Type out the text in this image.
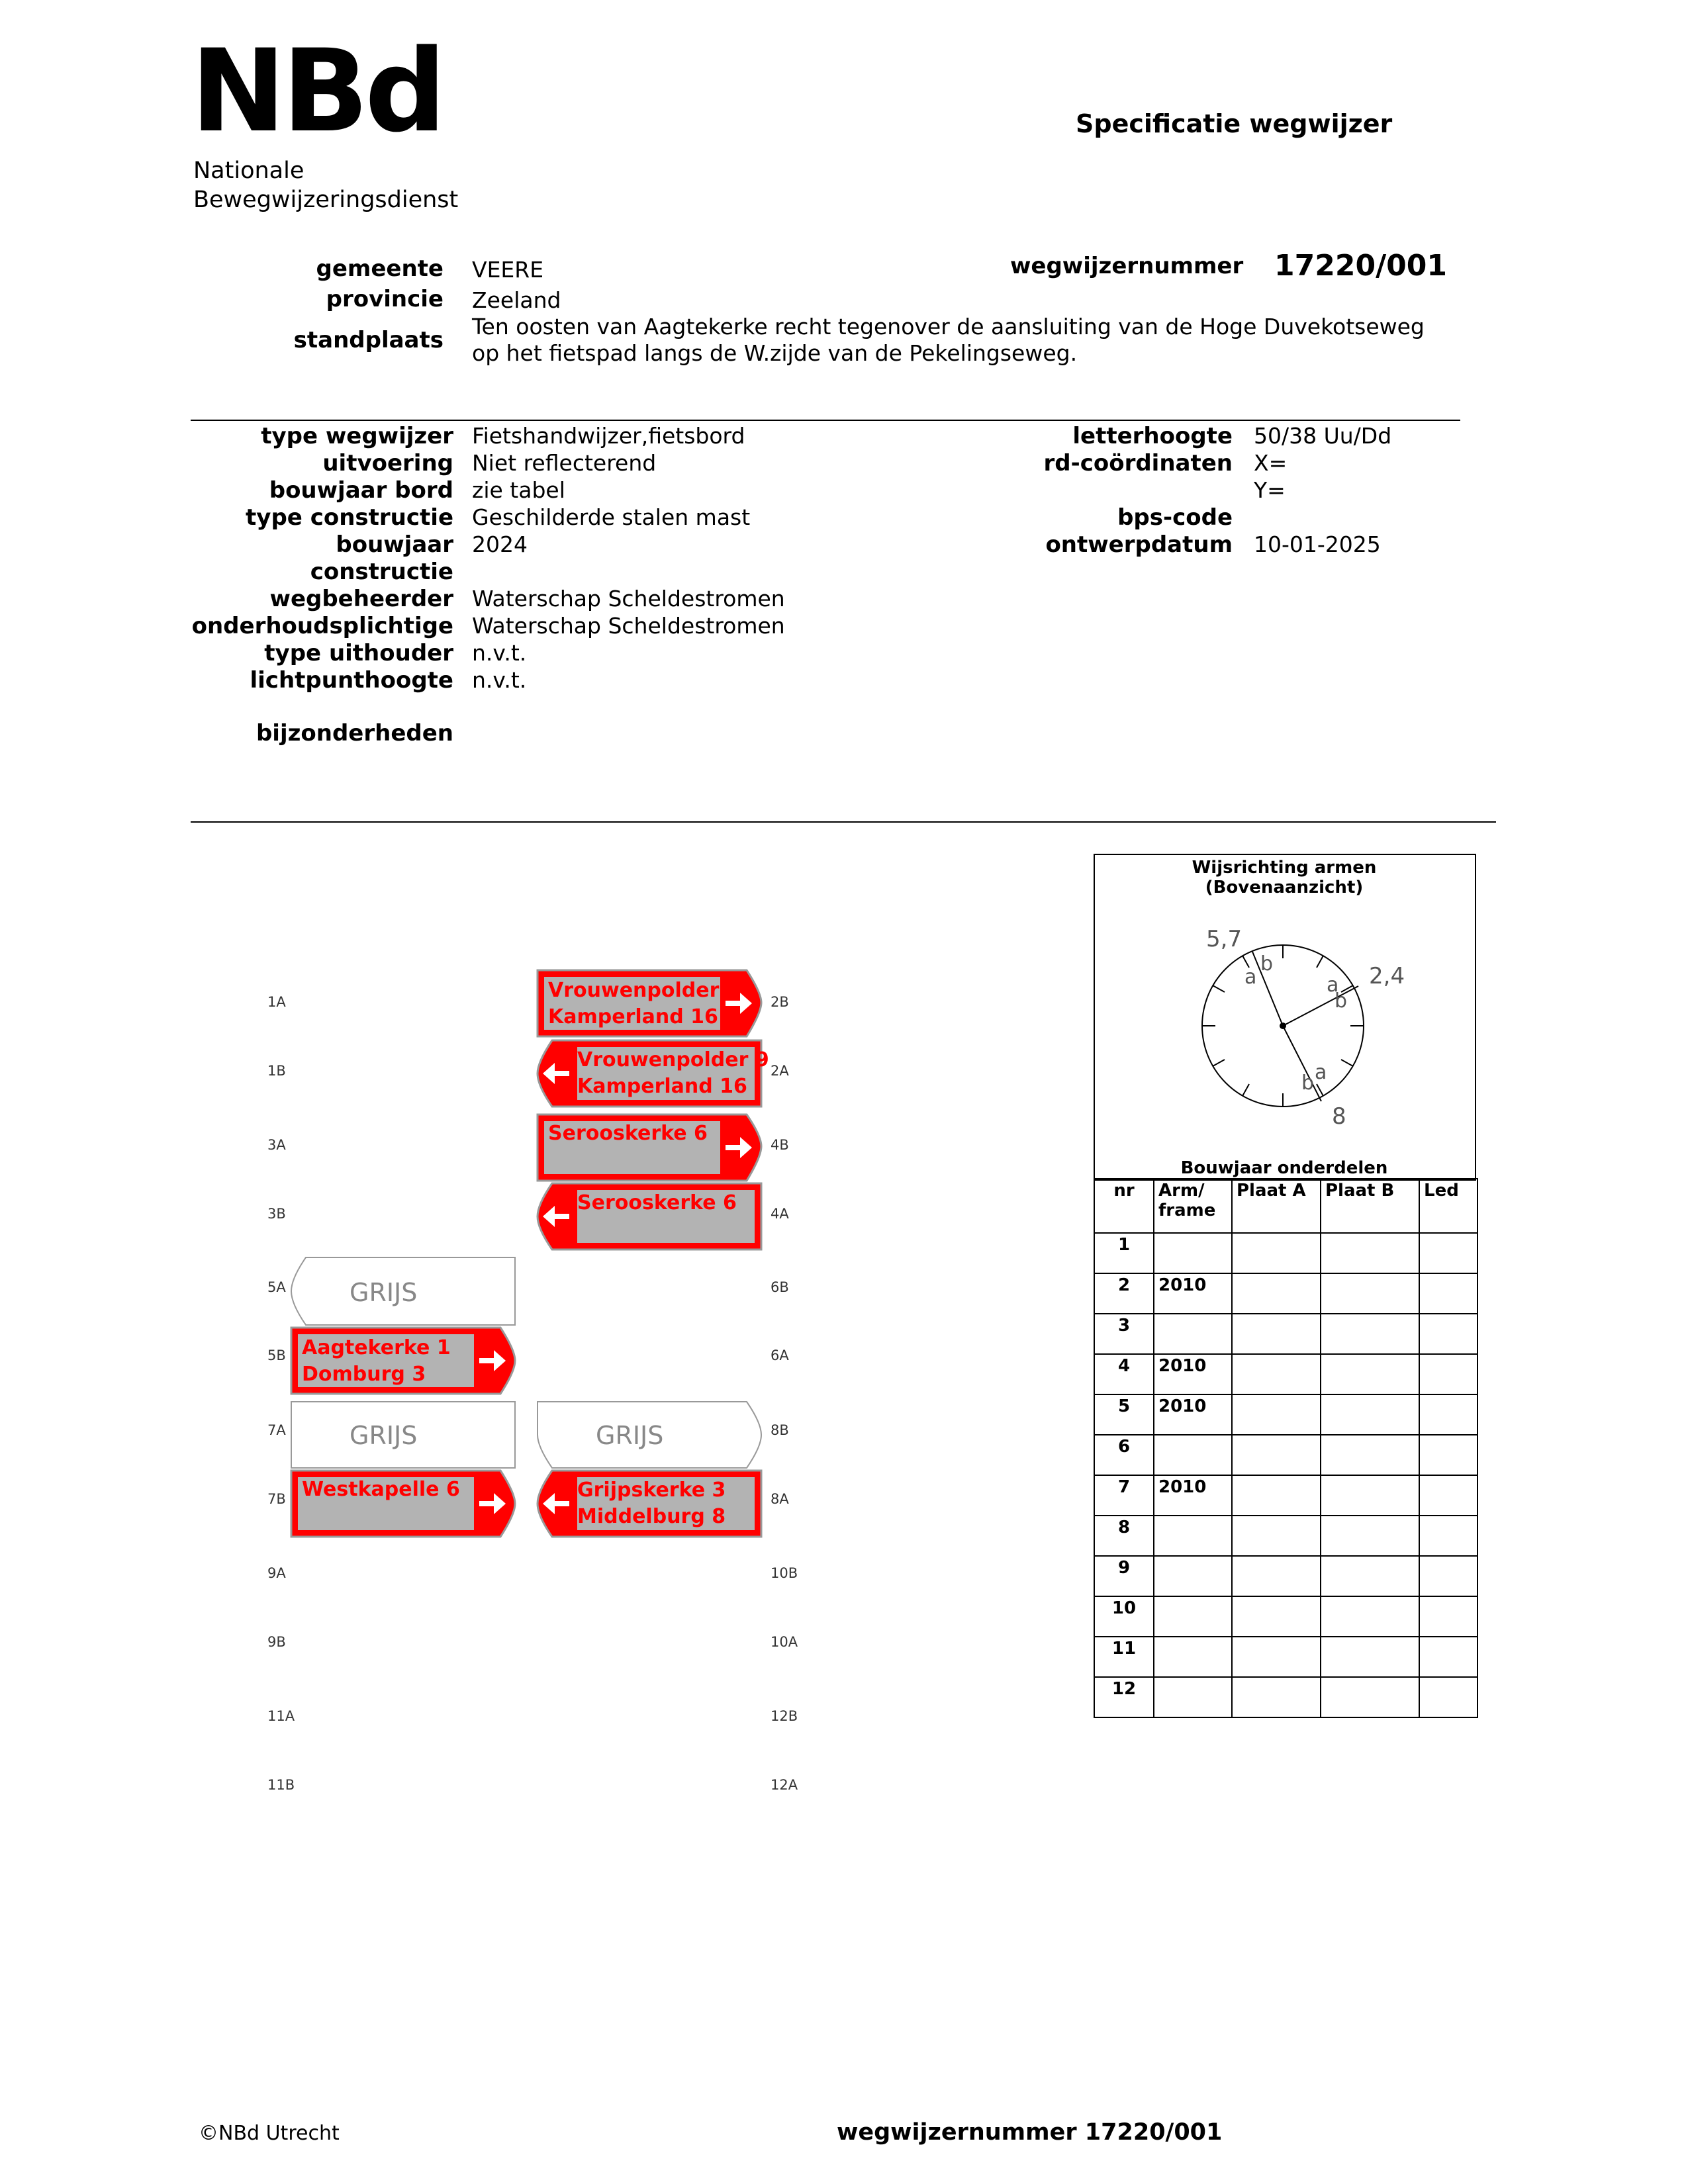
NBd
Nationale
Bewegwijzeringsdienst
Specificatie wegwijzer
gemeente VEERE
provincie Zeeland
standplaats
Ten oosten van Aagtekerke recht tegenover de aansluiting van de Hoge Duvekotseweg
op het fietspad langs de W.zijde van de Pekelingseweg.
wegwijzernummer 17220/001
type wegwijzer Fietshandwijzer,fietsbord
uitvoering Niet reflecterend
bouwjaar bord zie tabel
type constructie Geschilderde stalen mast
bouwjaar 2024
constructie
wegbeheerder Waterschap Scheldestromen
onderhoudsplichtige Waterschap Scheldestromen
type uithouder n.v.t.
lichtpunthoogte n.v.t.
bijzonderheden
letterhoogte 50/38 Uu/Dd
rd-coördinaten X=
Y=
bps-code
ontwerpdatum 10-01-2025
1A
1B
3A
3B
5A
5B
7A
7B
9A
9B
11A
11B
2B
2A
4B
4A
6B
6A
8B
8A
10B
10A
12B
12A
Vrouwenpolder 9
Kamperland 16
Vrouwenpolder 9
Kamperland 16
Serooskerke 6
Serooskerke 6
GRIJS
Aagtekerke 1
Domburg 3
GRIJS	GRIJS
Westkapelle 6	Grijpskerke 3
Middelburg 8
Wijsrichting armen
(Bovenaanzicht)
5,7
2,4
8
a
b
a
b
a
b
Bouwjaar onderdelen
nr	Arm/ frame	Plaat A	Plaat B	Led
1				
2	2010			
3				
4	2010			
5	2010			
6				
7	2010			
8				
9				
10				
11				
12				
©NBd Utrecht	wegwijzernummer 17220/001
